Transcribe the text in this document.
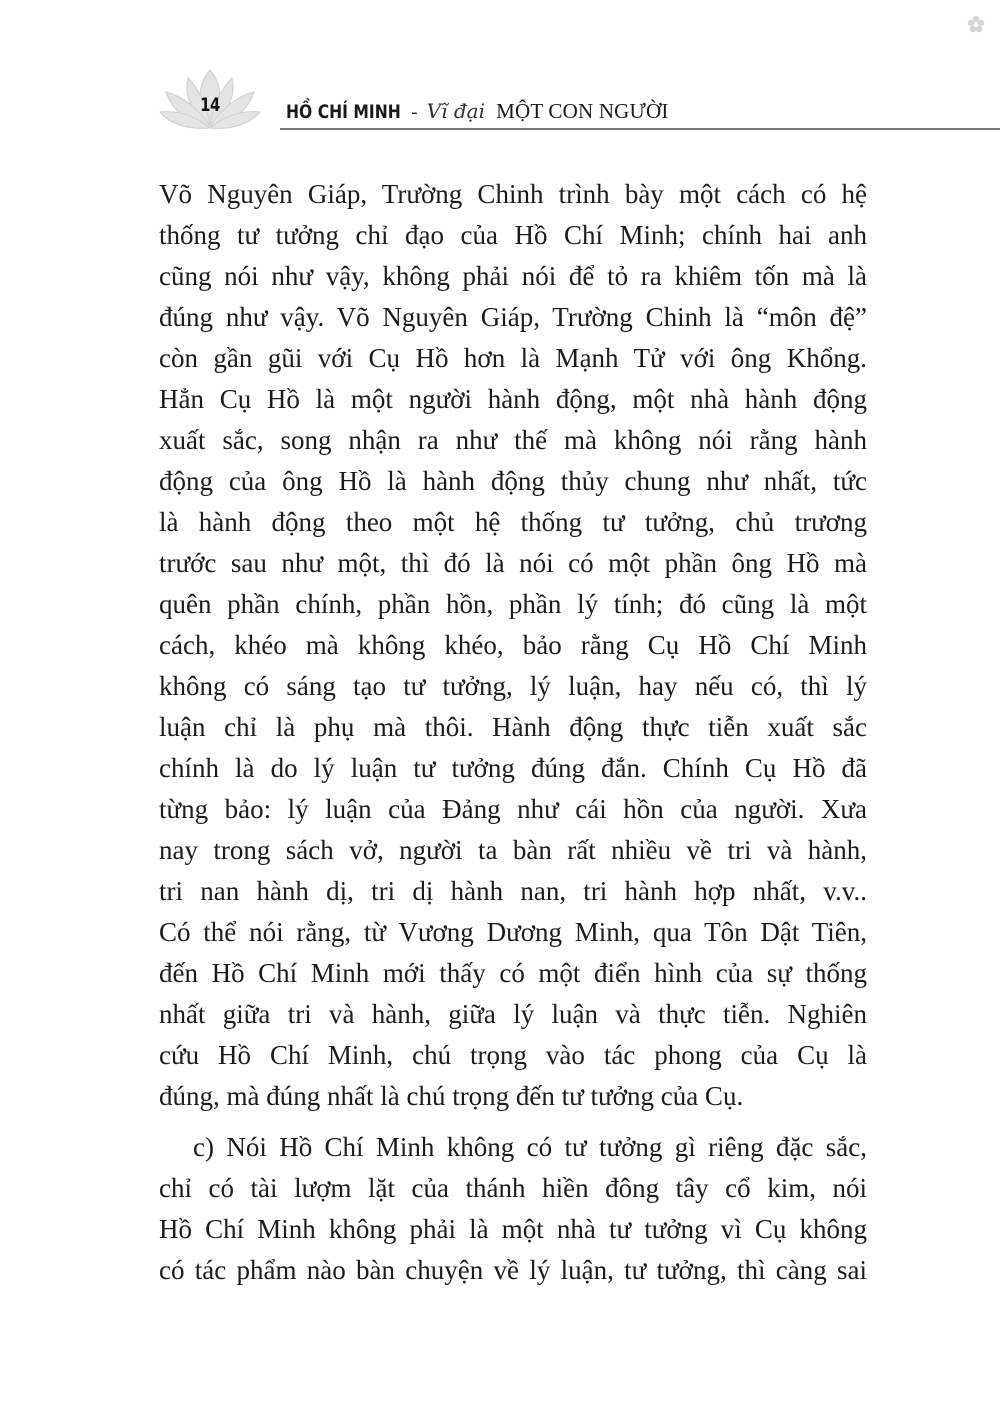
14	HỒ CHÍ MINH - Vĩ đại MỘT CON NGƯỜI
Võ Nguyên Giáp, Trường Chinh trình bày một cách có hệ
thống tư tưởng chỉ đạo của Hồ Chí Minh; chính hai anh
cũng nói như vậy, không phải nói để tỏ ra khiêm tốn mà là
đúng như vậy. Võ Nguyên Giáp, Trường Chinh là “môn đệ”
còn gần gũi với Cụ Hồ hơn là Mạnh Tử với ông Khổng.
Hẳn Cụ Hồ là một người hành động, một nhà hành động
xuất sắc, song nhận ra như thế mà không nói rằng hành
động của ông Hồ là hành động thủy chung như nhất, tức
là hành động theo một hệ thống tư tưởng, chủ trương
trước sau như một, thì đó là nói có một phần ông Hồ mà
quên phần chính, phần hồn, phần lý tính; đó cũng là một
cách, khéo mà không khéo, bảo rằng Cụ Hồ Chí Minh
không có sáng tạo tư tưởng, lý luận, hay nếu có, thì lý
luận chỉ là phụ mà thôi. Hành động thực tiễn xuất sắc
chính là do lý luận tư tưởng đúng đắn. Chính Cụ Hồ đã
từng bảo: lý luận của Đảng như cái hồn của người. Xưa
nay trong sách vở, người ta bàn rất nhiều về tri và hành,
tri nan hành dị, tri dị hành nan, tri hành hợp nhất, v.v..
Có thể nói rằng, từ Vương Dương Minh, qua Tôn Dật Tiên,
đến Hồ Chí Minh mới thấy có một điển hình của sự thống
nhất giữa tri và hành, giữa lý luận và thực tiễn. Nghiên
cứu Hồ Chí Minh, chú trọng vào tác phong của Cụ là
đúng, mà đúng nhất là chú trọng đến tư tưởng của Cụ.
c) Nói Hồ Chí Minh không có tư tưởng gì riêng đặc sắc,
chỉ có tài lượm lặt của thánh hiền đông tây cổ kim, nói
Hồ Chí Minh không phải là một nhà tư tưởng vì Cụ không
có tác phẩm nào bàn chuyện về lý luận, tư tưởng, thì càng sai
